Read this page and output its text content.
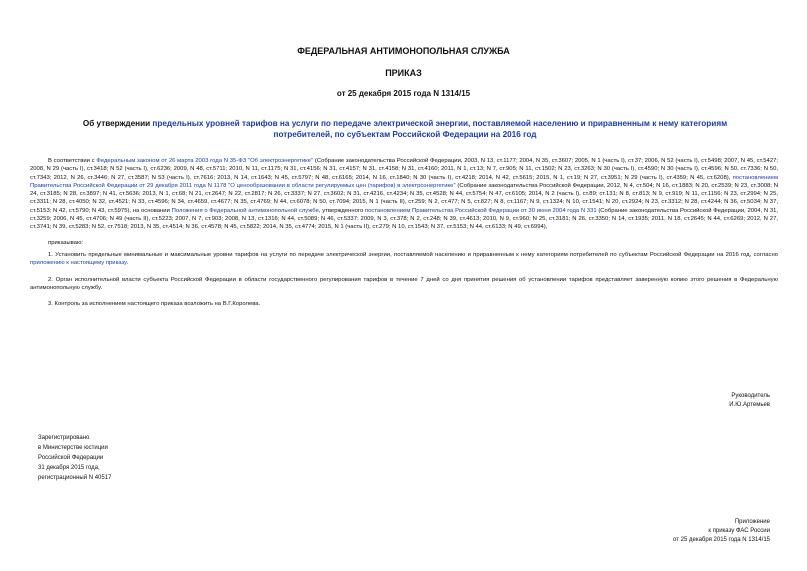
ФЕДЕРАЛЬНАЯ АНТИМОНОПОЛЬНАЯ СЛУЖБА
ПРИКАЗ
от 25 декабря 2015 года N 1314/15
Об утверждении предельных уровней тарифов на услуги по передаче электрической энергии, поставляемой населению и приравненным к нему категориям потребителей, по субъектам Российской Федерации на 2016 год

В соответствии с Федеральным законом от 26 марта 2003 года N 35-ФЗ "Об электроэнергетике" (Собрание законодательства Российской Федерации, 2003, N 13, ст.1177; 2004, N 35, ст.3607; 2005, N 1 (часть I), ст.37; 2006, N 52 (часть I), ст.5498; 2007, N 45, ст.5427; 2008, N 29 (часть I), ст.3418; N 52 (часть I), ст.6236; 2009, N 48, ст.5711; 2010, N 11, ст.1175; N 31, ст.4156; N 31, ст.4157; N 31, ст.4158; N 31, ст.4160; 2011, N 1, ст.13; N 7, ст.905; N 11, ст.1502; N 23, ст.3263; N 30 (часть I), ст.4590; N 30 (часть I), ст.4596; N 50, ст.7336; N 50, ст.7343; 2012, N 26, ст.3446; N 27, ст.3587; N 53 (часть I), ст.7616; 2013, N 14, ст.1643; N 45, ст.5797; N 48, ст.6165; 2014, N 16, ст.1840; N 30 (часть I), ст.4218; 2014, N 42, ст.5615; 2015, N 1, ст.19; N 27, ст.3951; N 29 (часть I), ст.4359; N 45, ст.6208), постановлением Правительства Российской Федерации от 29 декабря 2011 года N 1178 "О ценообразовании в области регулируемых цен (тарифов) в электроэнергетике" (Собрание законодательства Российской Федерации, 2012, N 4, ст.504; N 16, ст.1883; N 20, ст.2539; N 23, ст.3008; N 24, ст.3185; N 28, ст.3897; N 41, ст.5636; 2013, N 1, ст.68; N 21, ст.2647; N 22, ст.2817; N 26, ст.3337; N 27, ст.3602; N 31, ст.4216, ст.4234; N 35, ст.4528; N 44, ст.5754; N 47, ст.6105; 2014, N 2 (часть I), ст.89; ст.131; N 8, ст.813; N 9, ст.919; N 11, ст.1156; N 23, ст.2994; N 25, ст.3311; N 28, ст.4050; N 32, ст.4521; N 33, ст.4596; N 34, ст.4659, ст.4677; N 35, ст.4769; N 44, ст.6078; N 50, ст.7094; 2015, N 1 (часть II), ст.259; N 2, ст.477; N 5, ст.827; N 8, ст.1167; N 9, ст.1324; N 10, ст.1541; N 20, ст.2924; N 23, ст.3312; N 28, ст.4244; N 36, ст.5034; N 37, ст.5153; N 42, ст.5790; N 43, ст.5975), на основании Положения о Федеральной антимонопольной службе, утвержденного постановлением Правительства Российской Федерации от 30 июня 2004 года N 331 (Собрание законодательства Российской Федерации, 2004, N 31, ст.3259; 2006, N 45, ст.4706; N 49 (часть II), ст.5223; 2007, N 7, ст.903; 2008, N 13, ст.1316; N 44, ст.5089; N 46, ст.5337; 2009, N 3, ст.378; N 2, ст.248; N 39, ст.4613; 2010, N 9, ст.960; N 25, ст.3181; N 26, ст.3350; N 14, ст.1935; 2011, N 18, ст.2645; N 44, ст.6269; 2012, N 27, ст.3741; N 39, ст.5283; N 52, ст.7518; 2013, N 35, ст.4514; N 36, ст.4578; N 45, ст.5822; 2014, N 35, ст.4774; 2015, N 1 (часть II), ст.279; N 10, ст.1543; N 37, ст.5153; N 44, ст.6133; N 49, ст.6994),

приказываю:

1. Установить предельные минимальные и максимальные уровни тарифов на услуги по передаче электрической энергии, поставляемой населению и приравненным к нему категориям потребителей по субъектам Российской Федерации на 2016 год, согласно приложению к настоящему приказу.

2. Орган исполнительной власти субъекта Российской Федерации в области государственного регулирования тарифов в течение 7 дней со дня принятия решения об установлении тарифов представляет заверенную копию этого решения в Федеральную антимонопольную службу.

3. Контроль за исполнением настоящего приказа возложить на В.Г.Королева.

Руководитель
И.Ю.Артемьев
Зарегистрировано
в Министерстве юстиции
Российской Федерации
31 декабря 2015 года,
регистрационный N 40517
Приложение
к приказу ФАС России
от 25 декабря 2015 года N 1314/15
